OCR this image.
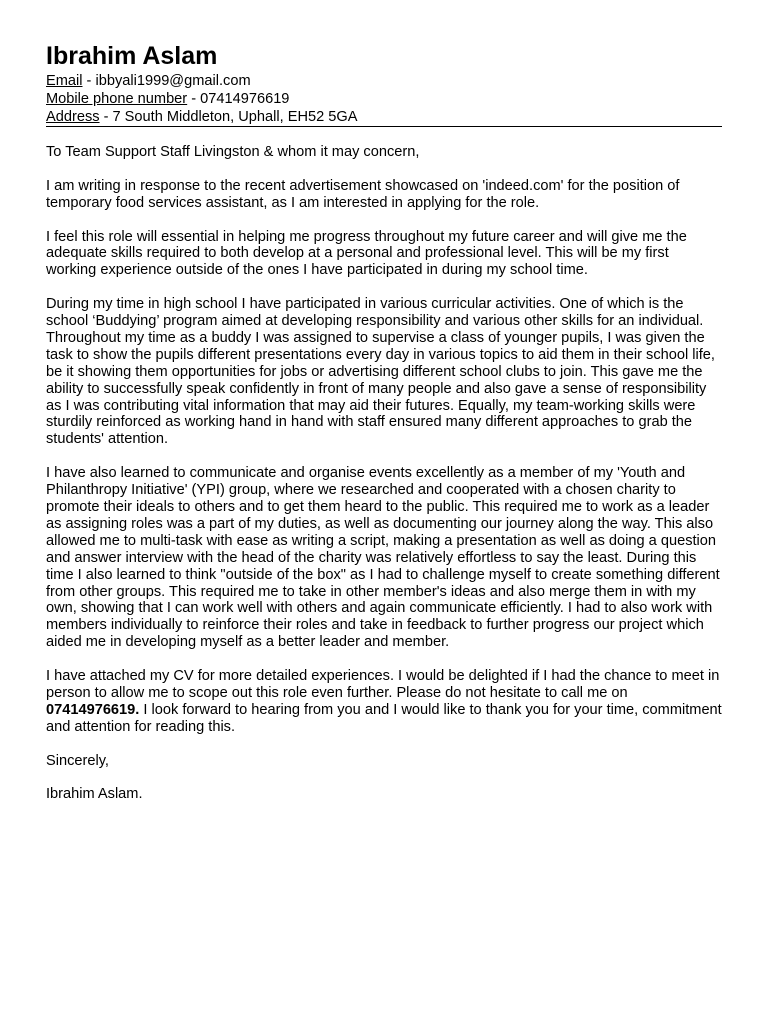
Ibrahim Aslam
Email - ibbyali1999@gmail.com
Mobile phone number - 07414976619
Address - 7 South Middleton, Uphall, EH52 5GA

To Team Support Staff Livingston & whom it may concern,

I am writing in response to the recent advertisement showcased on 'indeed.com' for the position of temporary food services assistant, as I am interested in applying for the role.

I feel this role will essential in helping me progress throughout my future career and will give me the adequate skills required to both develop at a personal and professional level. This will be my first working experience outside of the ones I have participated in during my school time.

During my time in high school I have participated in various curricular activities. One of which is the school ‘Buddying’ program aimed at developing responsibility and various other skills for an individual. Throughout my time as a buddy I was assigned to supervise a class of younger pupils, I was given the task to show the pupils different presentations every day in various topics to aid them in their school life, be it showing them opportunities for jobs or advertising different school clubs to join. This gave me the ability to successfully speak confidently in front of many people and also gave a sense of responsibility as I was contributing vital information that may aid their futures. Equally, my team-working skills were sturdily reinforced as working hand in hand with staff ensured many different approaches to grab the students' attention.

I have also learned to communicate and organise events excellently as a member of my 'Youth and Philanthropy Initiative' (YPI) group, where we researched and cooperated with a chosen charity to promote their ideals to others and to get them heard to the public. This required me to work as a leader as assigning roles was a part of my duties, as well as documenting our journey along the way. This also allowed me to multi-task with ease as writing a script, making a presentation as well as doing a question and answer interview with the head of the charity was relatively effortless to say the least. During this time I also learned to think "outside of the box" as I had to challenge myself to create something different from other groups. This required me to take in other member's ideas and also merge them in with my own, showing that I can work well with others and again communicate efficiently. I had to also work with members individually to reinforce their roles and take in feedback to further progress our project which aided me in developing myself as a better leader and member.

I have attached my CV for more detailed experiences. I would be delighted if I had the chance to meet in person to allow me to scope out this role even further. Please do not hesitate to call me on 07414976619. I look forward to hearing from you and I would like to thank you for your time, commitment and attention for reading this.

Sincerely,

Ibrahim Aslam.
